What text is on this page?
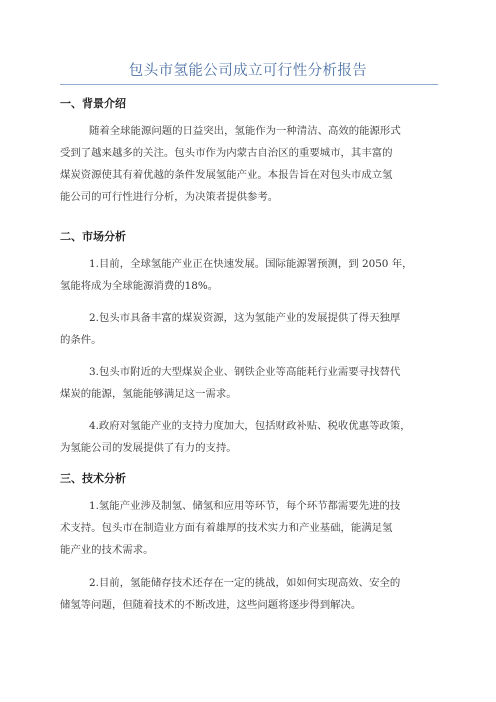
包头市氢能公司成立可行性分析报告
一、背景介绍
随着全球能源问题的日益突出，氢能作为一种清洁、高效的能源形式
受到了越来越多的关注。包头市作为内蒙古自治区的重要城市，其丰富的
煤炭资源使其有着优越的条件发展氢能产业。本报告旨在对包头市成立氢
能公司的可行性进行分析，为决策者提供参考。
二、市场分析
1.目前，全球氢能产业正在快速发展。国际能源署预测，到 2050 年，
氢能将成为全球能源消费的18%。
2.包头市具备丰富的煤炭资源，这为氢能产业的发展提供了得天独厚
的条件。
3.包头市附近的大型煤炭企业、钢铁企业等高能耗行业需要寻找替代
煤炭的能源，氢能能够满足这一需求。
4.政府对氢能产业的支持力度加大，包括财政补贴、税收优惠等政策，
为氢能公司的发展提供了有力的支持。
三、技术分析
1.氢能产业涉及制氢、储氢和应用等环节，每个环节都需要先进的技
术支持。包头市在制造业方面有着雄厚的技术实力和产业基础，能满足氢
能产业的技术需求。
2.目前，氢能储存技术还存在一定的挑战，如如何实现高效、安全的
储氢等问题，但随着技术的不断改进，这些问题将逐步得到解决。
